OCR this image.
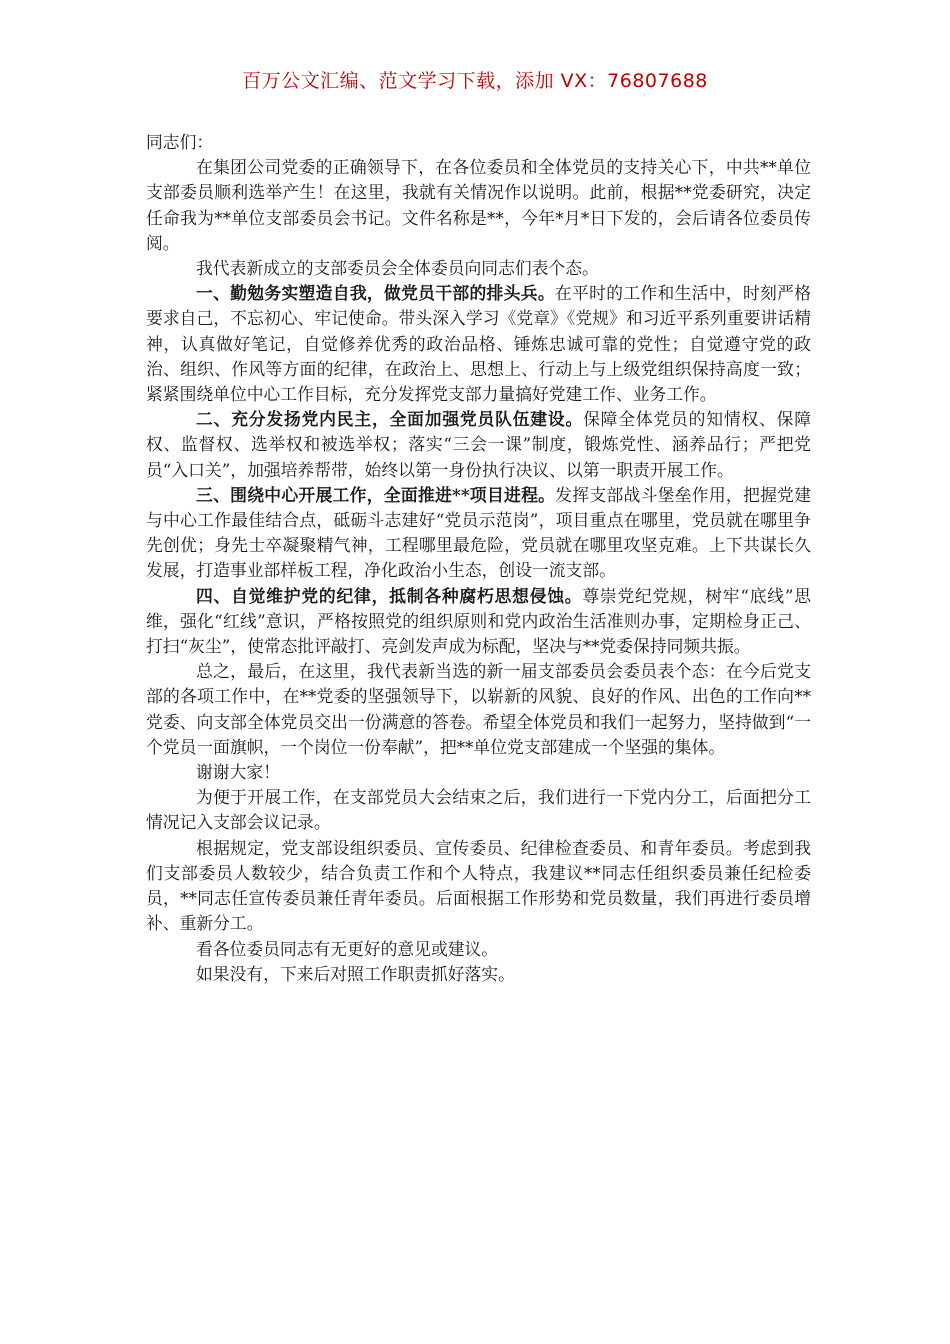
百万公文汇编、范文学习下载，添加 VX：76807688

同志们：

在集团公司党委的正确领导下，在各位委员和全体党员的支持关心下，中共**单位支部委员顺利选举产生！在这里，我就有关情况作以说明。此前，根据**党委研究，决定任命我为**单位支部委员会书记。文件名称是**，今年*月*日下发的，会后请各位委员传阅。

我代表新成立的支部委员会全体委员向同志们表个态。

一、勤勉务实塑造自我，做党员干部的排头兵。在平时的工作和生活中，时刻严格要求自己，不忘初心、牢记使命。带头深入学习《党章》《党规》和习近平系列重要讲话精神，认真做好笔记，自觉修养优秀的政治品格、锤炼忠诚可靠的党性；自觉遵守党的政治、组织、作风等方面的纪律，在政治上、思想上、行动上与上级党组织保持高度一致；紧紧围绕单位中心工作目标，充分发挥党支部力量搞好党建工作、业务工作。

二、充分发扬党内民主，全面加强党员队伍建设。保障全体党员的知情权、保障权、监督权、选举权和被选举权；落实“三会一课”制度，锻炼党性、涵养品行；严把党员“入口关”，加强培养帮带，始终以第一身份执行决议、以第一职责开展工作。

三、围绕中心开展工作，全面推进**项目进程。发挥支部战斗堡垒作用，把握党建与中心工作最佳结合点，砥砺斗志建好“党员示范岗”，项目重点在哪里，党员就在哪里争先创优；身先士卒凝聚精气神，工程哪里最危险，党员就在哪里攻坚克难。上下共谋长久发展，打造事业部样板工程，净化政治小生态，创设一流支部。

四、自觉维护党的纪律，抵制各种腐朽思想侵蚀。尊崇党纪党规，树牢“底线”思维，强化“红线”意识，严格按照党的组织原则和党内政治生活准则办事，定期检身正己、打扫“灰尘”，使常态批评敲打、亮剑发声成为标配，坚决与**党委保持同频共振。

总之，最后，在这里，我代表新当选的新一届支部委员会委员表个态：在今后党支部的各项工作中，在**党委的坚强领导下，以崭新的风貌、良好的作风、出色的工作向**党委、向支部全体党员交出一份满意的答卷。希望全体党员和我们一起努力，坚持做到“一个党员一面旗帜，一个岗位一份奉献”，把**单位党支部建成一个坚强的集体。

谢谢大家！

为便于开展工作，在支部党员大会结束之后，我们进行一下党内分工，后面把分工情况记入支部会议记录。

根据规定，党支部设组织委员、宣传委员、纪律检查委员、和青年委员。考虑到我们支部委员人数较少，结合负责工作和个人特点，我建议**同志任组织委员兼任纪检委员，**同志任宣传委员兼任青年委员。后面根据工作形势和党员数量，我们再进行委员增补、重新分工。

看各位委员同志有无更好的意见或建议。

如果没有，下来后对照工作职责抓好落实。
